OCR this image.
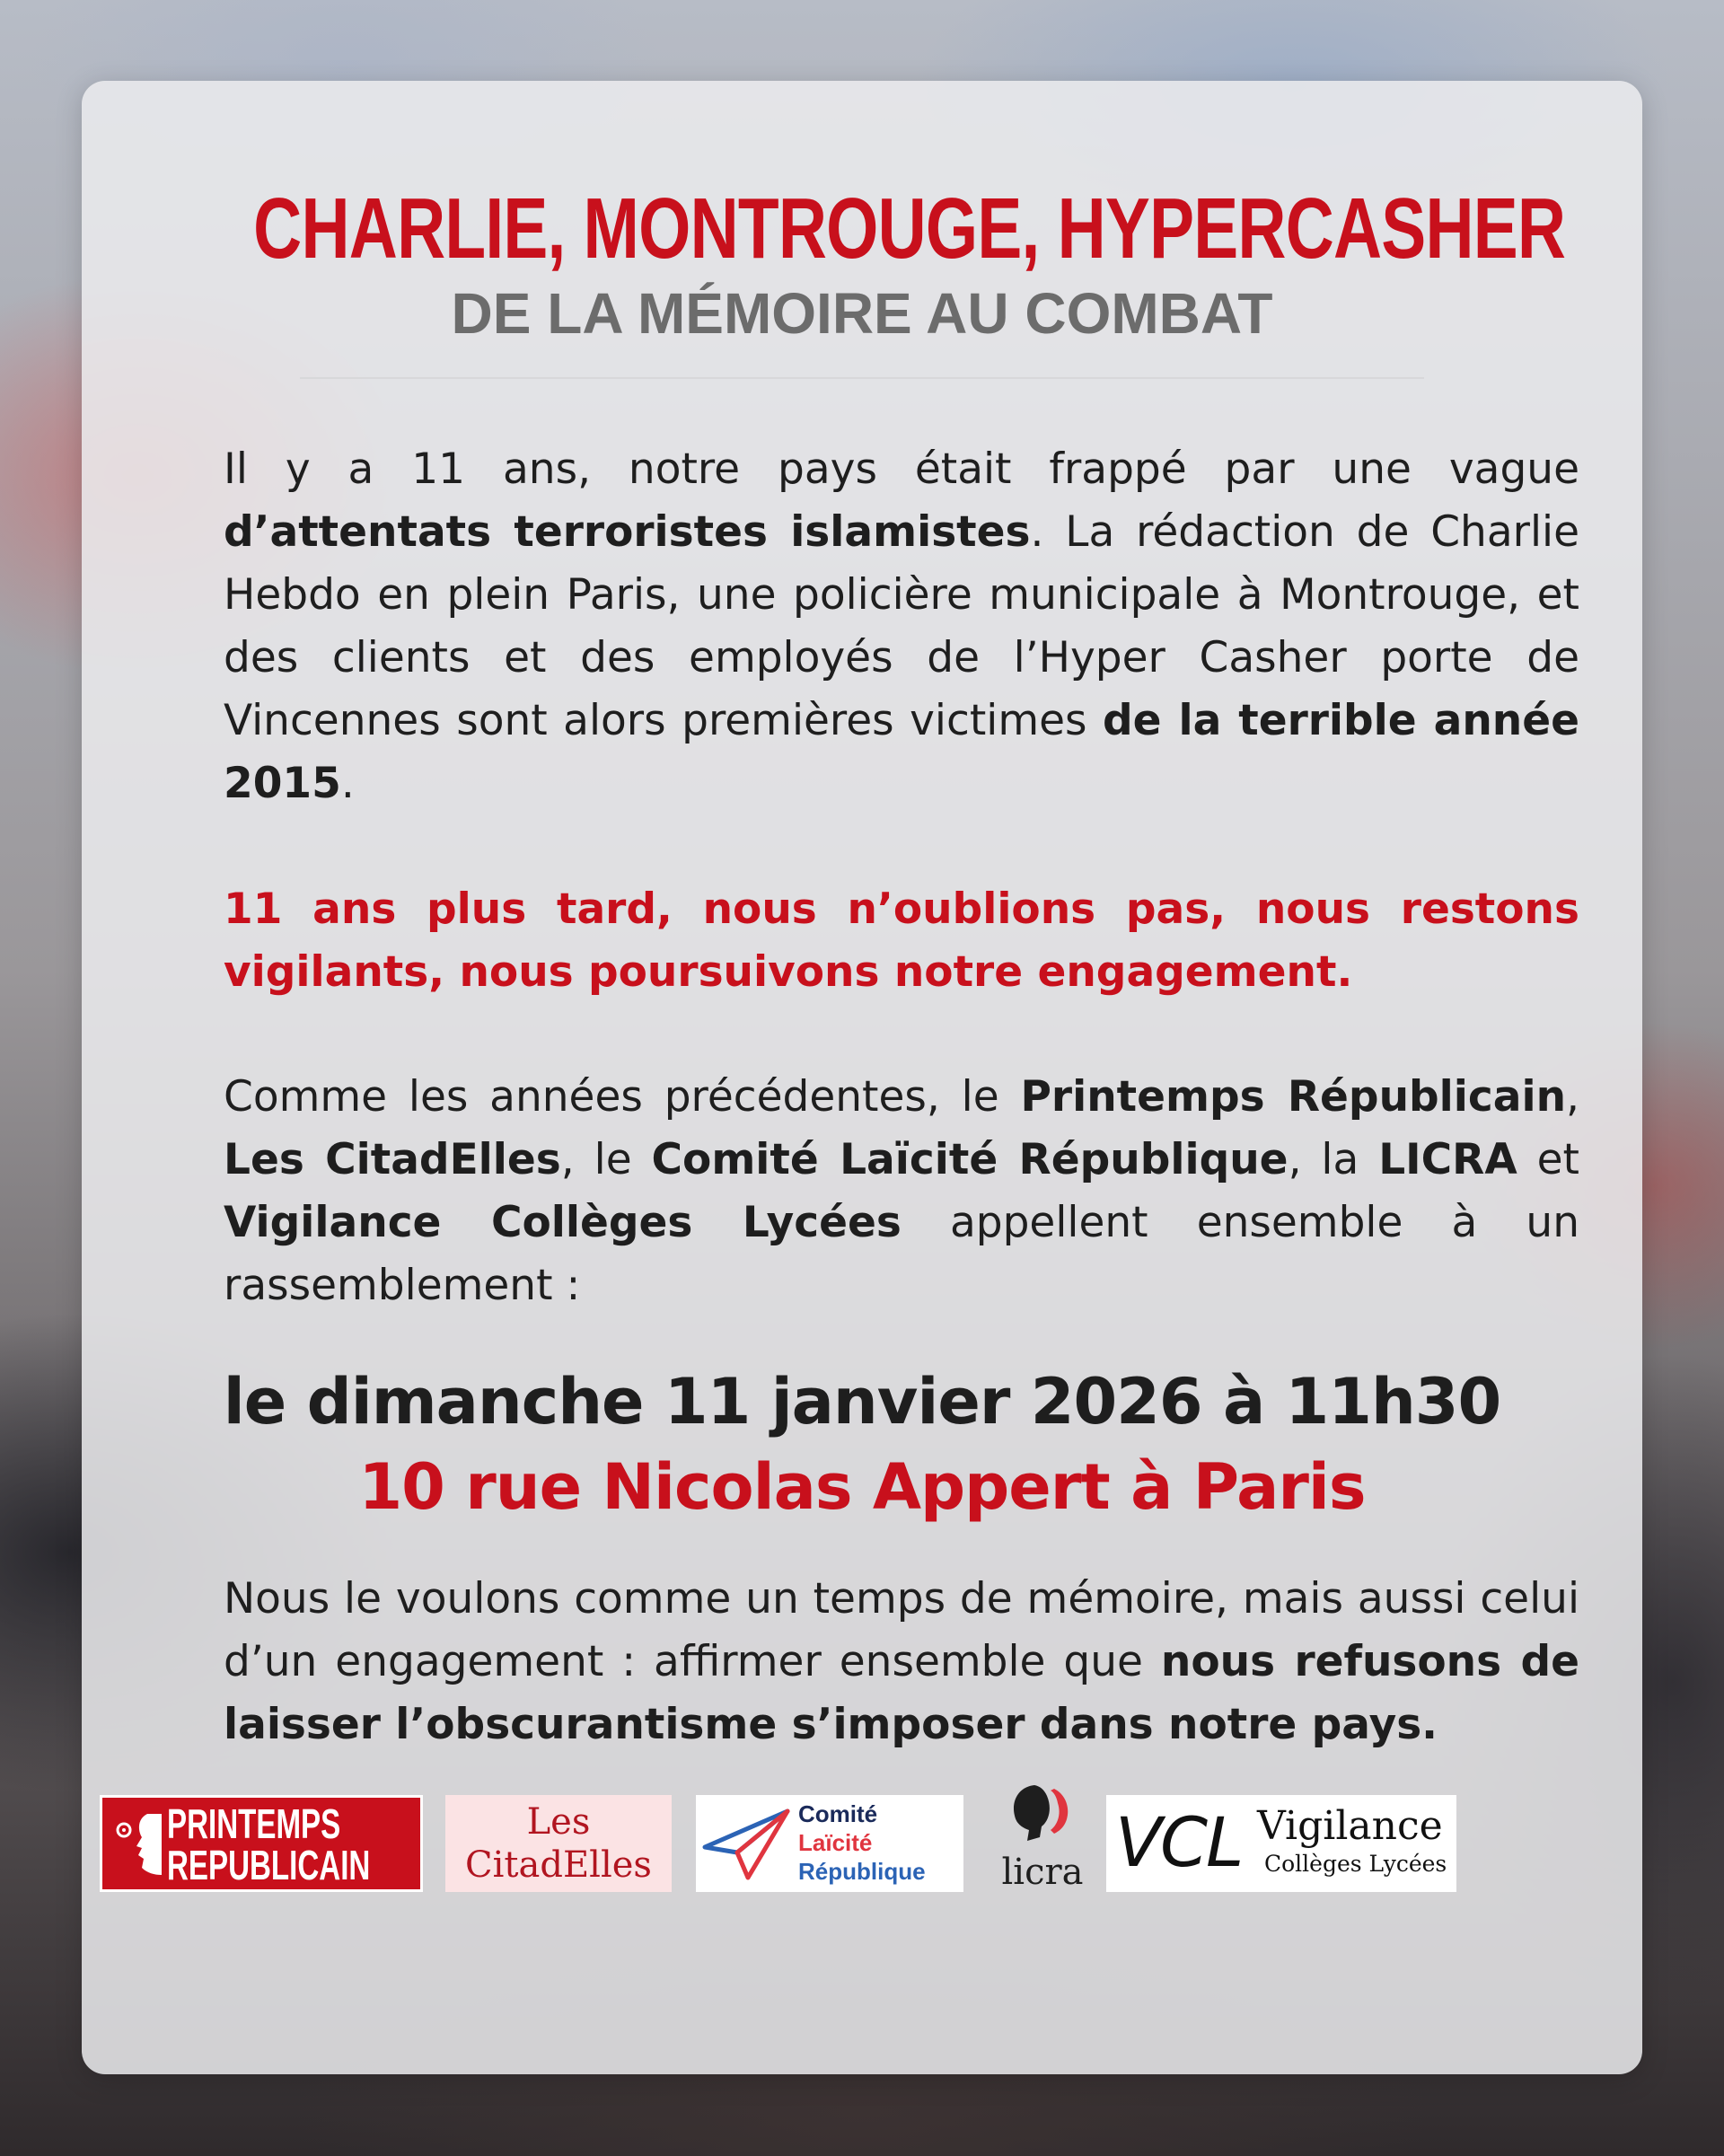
CHARLIE, MONTROUGE, HYPERCASHER
DE LA MÉMOIRE AU COMBAT

Il y a 11 ans, notre pays était frappé par une vague d’attentats terroristes islamistes. La rédaction de Charlie Hebdo en plein Paris, une policière municipale à Montrouge, et des clients et des employés de l’Hyper Casher porte de Vincennes sont alors premières victimes de la terrible année 2015.

11 ans plus tard, nous n’oublions pas, nous restons vigilants, nous poursuivons notre engagement.

Comme les années précédentes, le Printemps Républicain, Les CitadElles, le Comité Laïcité République, la LICRA et Vigilance Collèges Lycées appellent ensemble à un rassemblement :

le dimanche 11 janvier 2026 à 11h30

10 rue Nicolas Appert à Paris

Nous le voulons comme un temps de mémoire, mais aussi celui d’un engagement : affirmer ensemble que nous refusons de laisser l’obscurantisme s’imposer dans notre pays.

PRINTEMPS
REPUBLICAIN
Les
CitadElles
Comité
Laïcité
République licra VCL Vigilance
Collèges Lycées
